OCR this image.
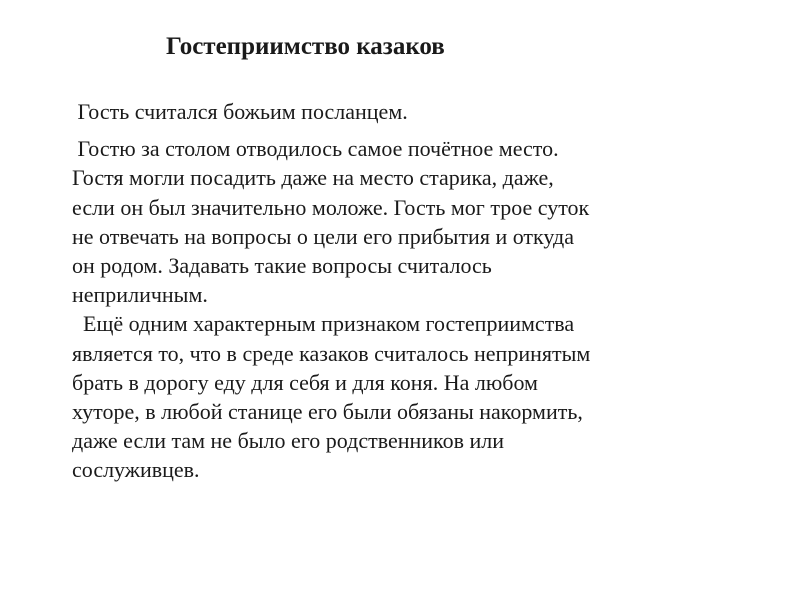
Гостеприимство казаков
Гость считался божьим посланцем.
Гостю за столом отводилось самое почётное место.
Гостя могли посадить даже на место старика, даже,
если он был значительно моложе. Гость мог трое суток
не отвечать на вопросы о цели его прибытия и откуда
он родом. Задавать такие вопросы считалось
неприличным.
Ещё одним характерным признаком гостеприимства
является то, что в среде казаков считалось непринятым
брать в дорогу еду для себя и для коня. На любом
хуторе, в любой станице его были обязаны накормить,
даже если там не было его родственников или
сослуживцев.
